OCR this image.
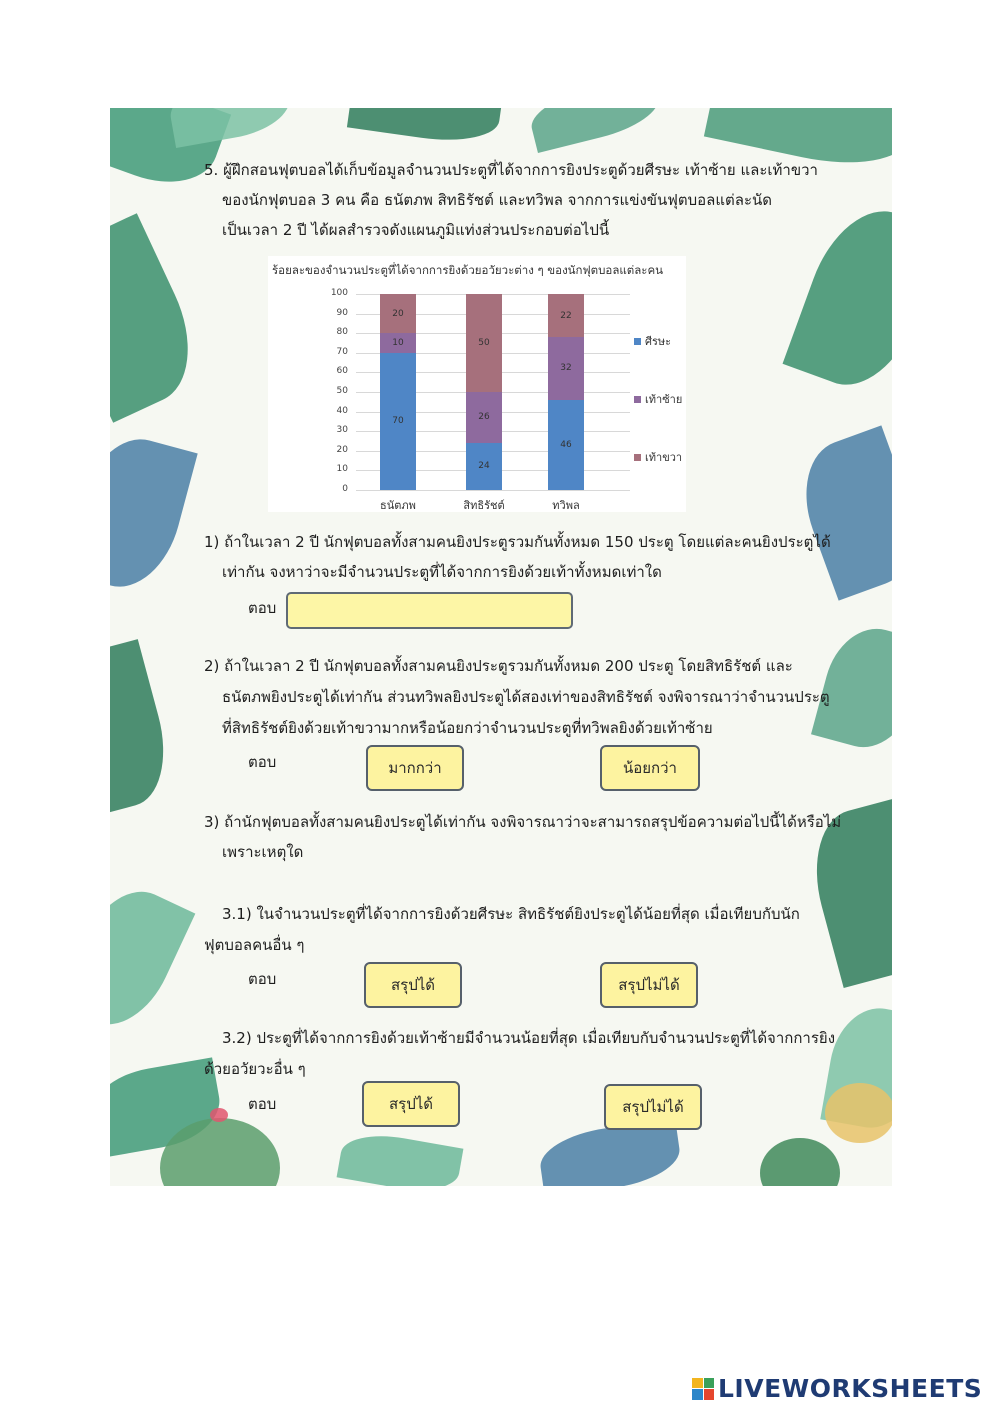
5. ผู้ฝึกสอนฟุตบอลได้เก็บข้อมูลจำนวนประตูที่ได้จากการยิงประตูด้วยศีรษะ เท้าซ้าย และเท้าขวา
ของนักฟุตบอล 3 คน คือ ธนัตภพ สิทธิรัชต์ และทวิพล จากการแข่งขันฟุตบอลแต่ละนัด
เป็นเวลา 2 ปี ได้ผลสำรวจดังแผนภูมิแท่งส่วนประกอบต่อไปนี้
ร้อยละของจำนวนประตูที่ได้จากการยิงด้วยอวัยวะต่าง ๆ ของนักฟุตบอลแต่ละคน
0
10
20
30
40
50
60
70
80
90
100
70
10
20
ธนัตภพ
24
26
50
สิทธิรัชต์
46
32
22
ทวิพล
ศีรษะ
เท้าซ้าย
เท้าขวา
1) ถ้าในเวลา 2 ปี นักฟุตบอลทั้งสามคนยิงประตูรวมกันทั้งหมด 150 ประตู โดยแต่ละคนยิงประตูได้
เท่ากัน จงหาว่าจะมีจำนวนประตูที่ได้จากการยิงด้วยเท้าทั้งหมดเท่าใด
ตอบ
2) ถ้าในเวลา 2 ปี นักฟุตบอลทั้งสามคนยิงประตูรวมกันทั้งหมด 200 ประตู โดยสิทธิรัชต์ และ
ธนัตภพยิงประตูได้เท่ากัน ส่วนทวิพลยิงประตูได้สองเท่าของสิทธิรัชต์ จงพิจารณาว่าจำนวนประตู
ที่สิทธิรัชต์ยิงด้วยเท้าขวามากหรือน้อยกว่าจำนวนประตูที่ทวิพลยิงด้วยเท้าซ้าย
ตอบ	มากกว่า	น้อยกว่า
3) ถ้านักฟุตบอลทั้งสามคนยิงประตูได้เท่ากัน จงพิจารณาว่าจะสามารถสรุปข้อความต่อไปนี้ได้หรือไม่
เพราะเหตุใด
3.1) ในจำนวนประตูที่ได้จากการยิงด้วยศีรษะ สิทธิรัชต์ยิงประตูได้น้อยที่สุด เมื่อเทียบกับนัก
ฟุตบอลคนอื่น ๆ
ตอบ	สรุปได้	สรุปไม่ได้
3.2) ประตูที่ได้จากการยิงด้วยเท้าซ้ายมีจำนวนน้อยที่สุด เมื่อเทียบกับจำนวนประตูที่ได้จากการยิง
ด้วยอวัยวะอื่น ๆ
ตอบ	สรุปได้	สรุปไม่ได้
LIVEWORKSHEETS
